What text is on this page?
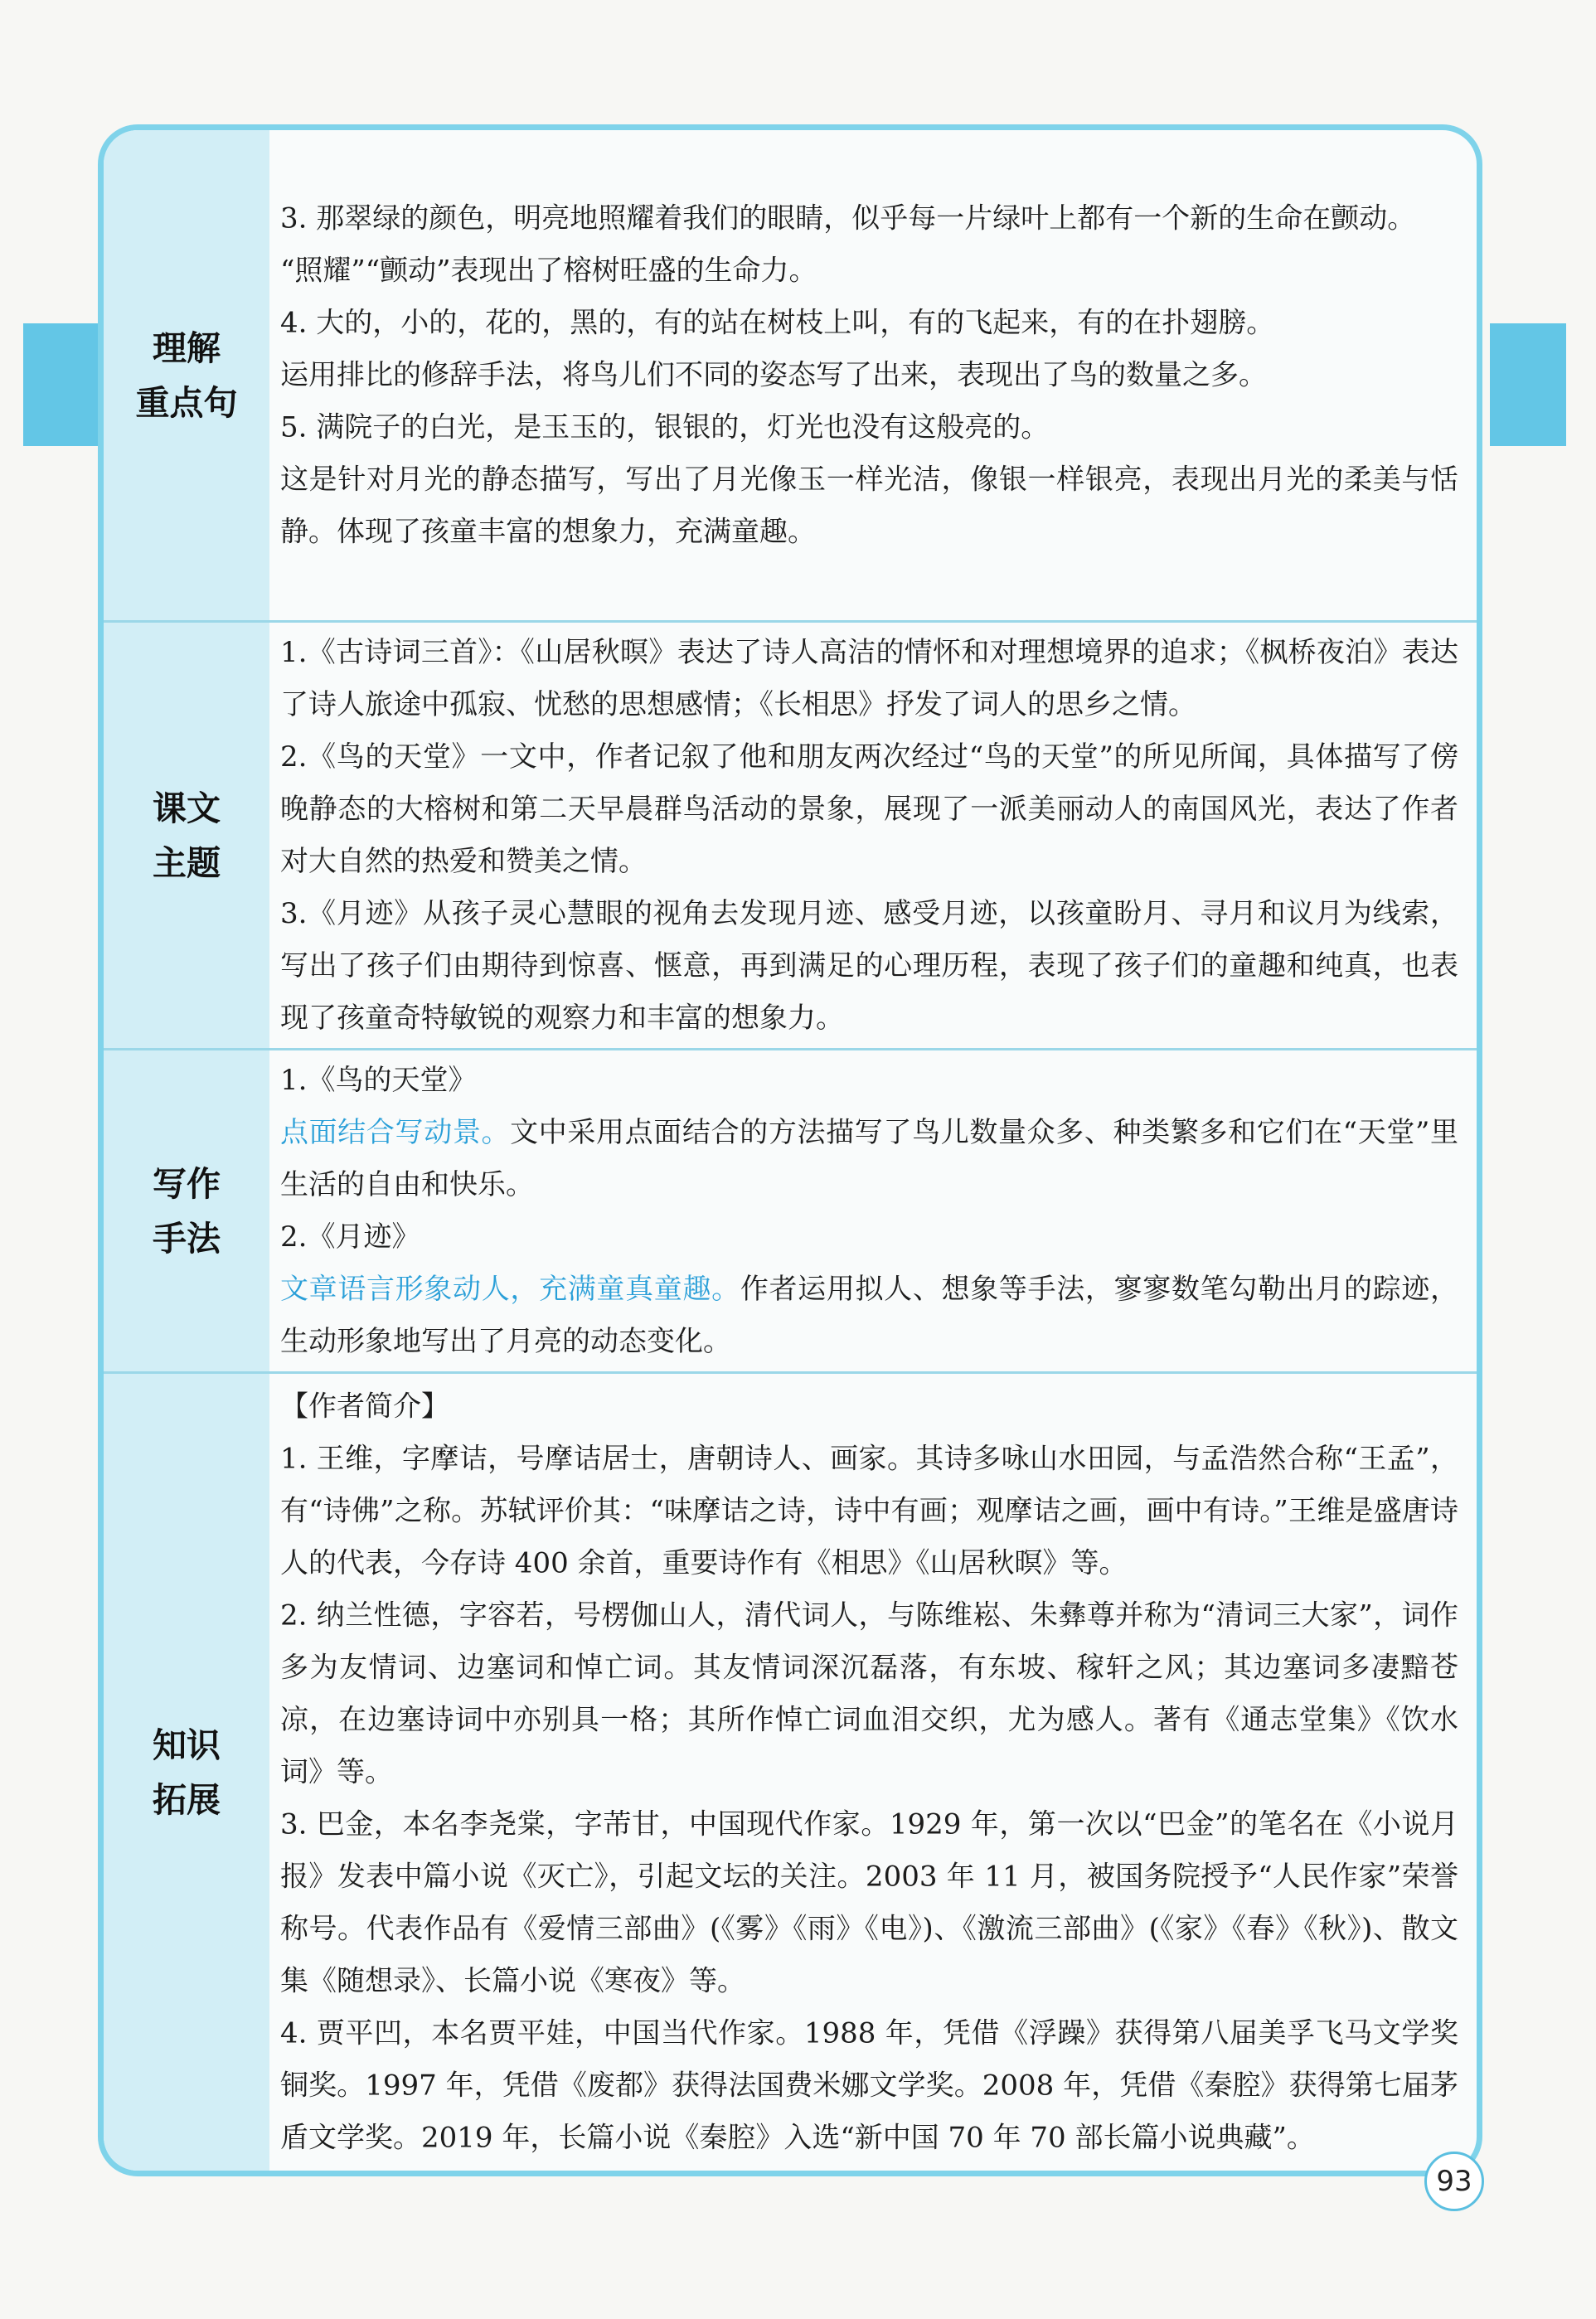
理解
重点句

3. 那翠绿的颜色，明亮地照耀着我们的眼睛，似乎每一片绿叶上都有一个新的生命在颤动。

“照耀”“颤动”表现出了榕树旺盛的生命力。

4. 大的，小的，花的，黑的，有的站在树枝上叫，有的飞起来，有的在扑翅膀。

运用排比的修辞手法，将鸟儿们不同的姿态写了出来，表现出了鸟的数量之多。

5. 满院子的白光，是玉玉的，银银的，灯光也没有这般亮的。

这是针对月光的静态描写，写出了月光像玉一样光洁，像银一样银亮，表现出月光的柔美与恬静。体现了孩童丰富的想象力，充满童趣。

课文
主题

1.《古诗词三首》：《山居秋暝》表达了诗人高洁的情怀和对理想境界的追求；《枫桥夜泊》表达了诗人旅途中孤寂、忧愁的思想感情；《长相思》抒发了词人的思乡之情。

2.《鸟的天堂》一文中，作者记叙了他和朋友两次经过“鸟的天堂”的所见所闻，具体描写了傍晚静态的大榕树和第二天早晨群鸟活动的景象，展现了一派美丽动人的南国风光，表达了作者对大自然的热爱和赞美之情。

3.《月迹》从孩子灵心慧眼的视角去发现月迹、感受月迹，以孩童盼月、寻月和议月为线索，写出了孩子们由期待到惊喜、惬意，再到满足的心理历程，表现了孩子们的童趣和纯真，也表现了孩童奇特敏锐的观察力和丰富的想象力。

写作
手法

1.《鸟的天堂》

点面结合写动景。文中采用点面结合的方法描写了鸟儿数量众多、种类繁多和它们在“天堂”里生活的自由和快乐。

2.《月迹》

文章语言形象动人，充满童真童趣。作者运用拟人、想象等手法，寥寥数笔勾勒出月的踪迹，生动形象地写出了月亮的动态变化。

知识
拓展

【作者简介】

1. 王维，字摩诘，号摩诘居士，唐朝诗人、画家。其诗多咏山水田园，与孟浩然合称“王孟”，有“诗佛”之称。苏轼评价其：“味摩诘之诗，诗中有画；观摩诘之画，画中有诗。”王维是盛唐诗人的代表，今存诗 400 余首，重要诗作有《相思》《山居秋暝》等。

2. 纳兰性德，字容若，号楞伽山人，清代词人，与陈维崧、朱彝尊并称为“清词三大家”，词作多为友情词、边塞词和悼亡词。其友情词深沉磊落，有东坡、稼轩之风；其边塞词多凄黯苍凉，在边塞诗词中亦别具一格；其所作悼亡词血泪交织，尤为感人。著有《通志堂集》《饮水词》等。

3. 巴金，本名李尧棠，字芾甘，中国现代作家。1929 年，第一次以“巴金”的笔名在《小说月报》发表中篇小说《灭亡》，引起文坛的关注。2003 年 11 月，被国务院授予“人民作家”荣誉称号。代表作品有《爱情三部曲》(《雾》《雨》《电》)、《激流三部曲》(《家》《春》《秋》)、散文集《随想录》、长篇小说《寒夜》等。

4. 贾平凹，本名贾平娃，中国当代作家。1988 年，凭借《浮躁》获得第八届美孚飞马文学奖铜奖。1997 年，凭借《废都》获得法国费米娜文学奖。2008 年，凭借《秦腔》获得第七届茅盾文学奖。2019 年，长篇小说《秦腔》入选“新中国 70 年 70 部长篇小说典藏”。

93
